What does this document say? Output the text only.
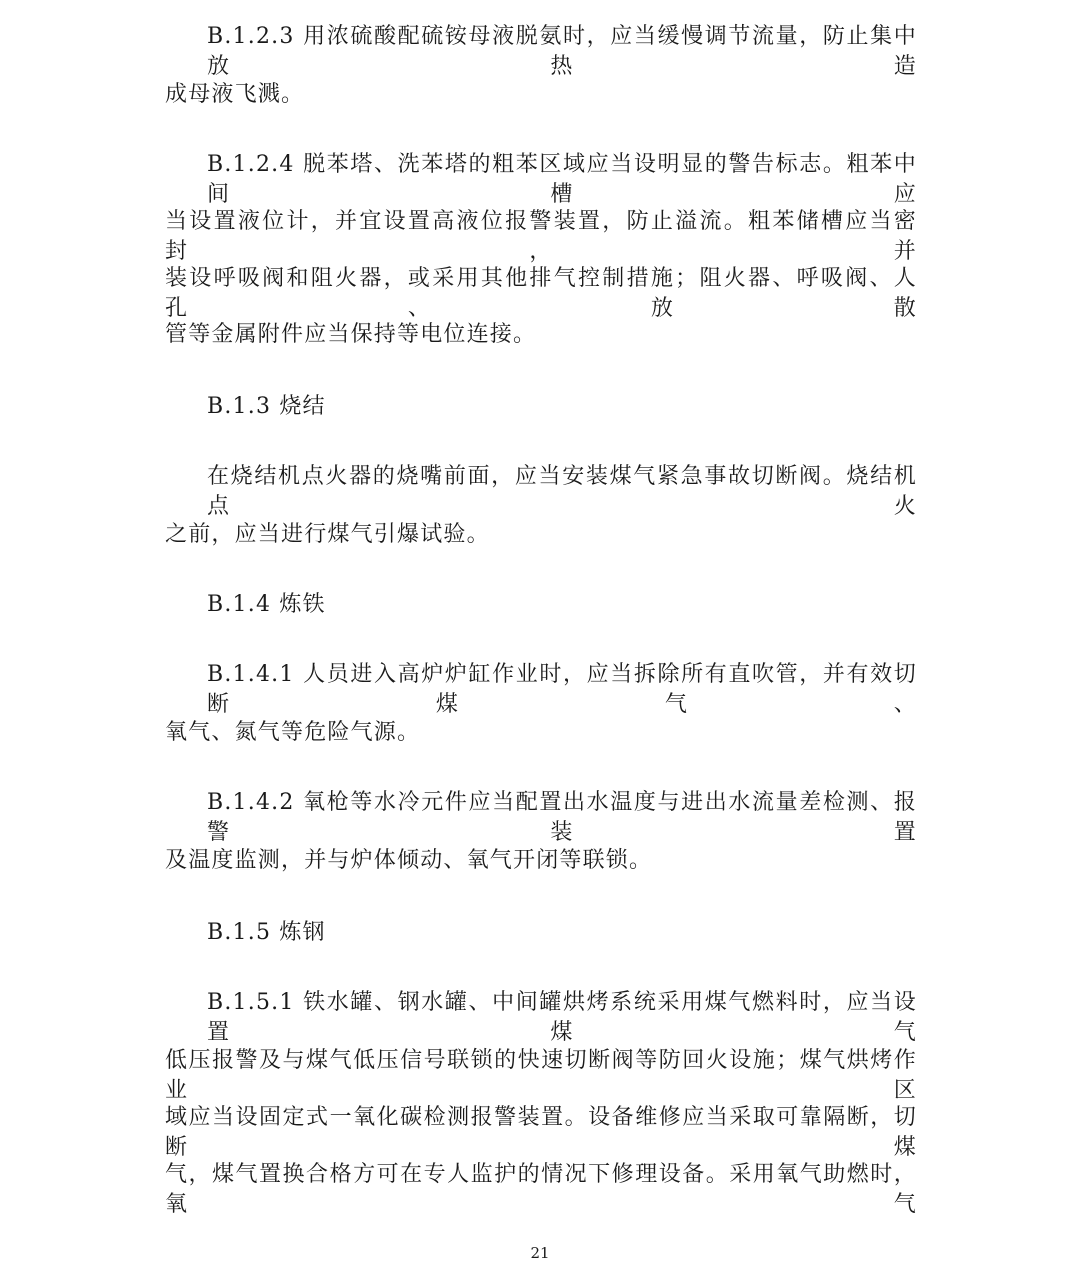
B.1.2.3 用浓硫酸配硫铵母液脱氨时，应当缓慢调节流量，防止集中放热造
成母液飞溅。
B.1.2.4 脱苯塔、洗苯塔的粗苯区域应当设明显的警告标志。粗苯中间槽应
当设置液位计，并宜设置高液位报警装置，防止溢流。粗苯储槽应当密封，并
装设呼吸阀和阻火器，或采用其他排气控制措施；阻火器、呼吸阀、人孔、放散
管等金属附件应当保持等电位连接。
B.1.3 烧结
在烧结机点火器的烧嘴前面，应当安装煤气紧急事故切断阀。烧结机点火
之前，应当进行煤气引爆试验。
B.1.4 炼铁
B.1.4.1 人员进入高炉炉缸作业时，应当拆除所有直吹管，并有效切断煤气、
氧气、氮气等危险气源。
B.1.4.2 氧枪等水冷元件应当配置出水温度与进出水流量差检测、报警装置
及温度监测，并与炉体倾动、氧气开闭等联锁。
B.1.5 炼钢
B.1.5.1 铁水罐、钢水罐、中间罐烘烤系统采用煤气燃料时，应当设置煤气
低压报警及与煤气低压信号联锁的快速切断阀等防回火设施；煤气烘烤作业区
域应当设固定式一氧化碳检测报警装置。设备维修应当采取可靠隔断，切断煤
气，煤气置换合格方可在专人监护的情况下修理设备。采用氧气助燃时，氧气
21
